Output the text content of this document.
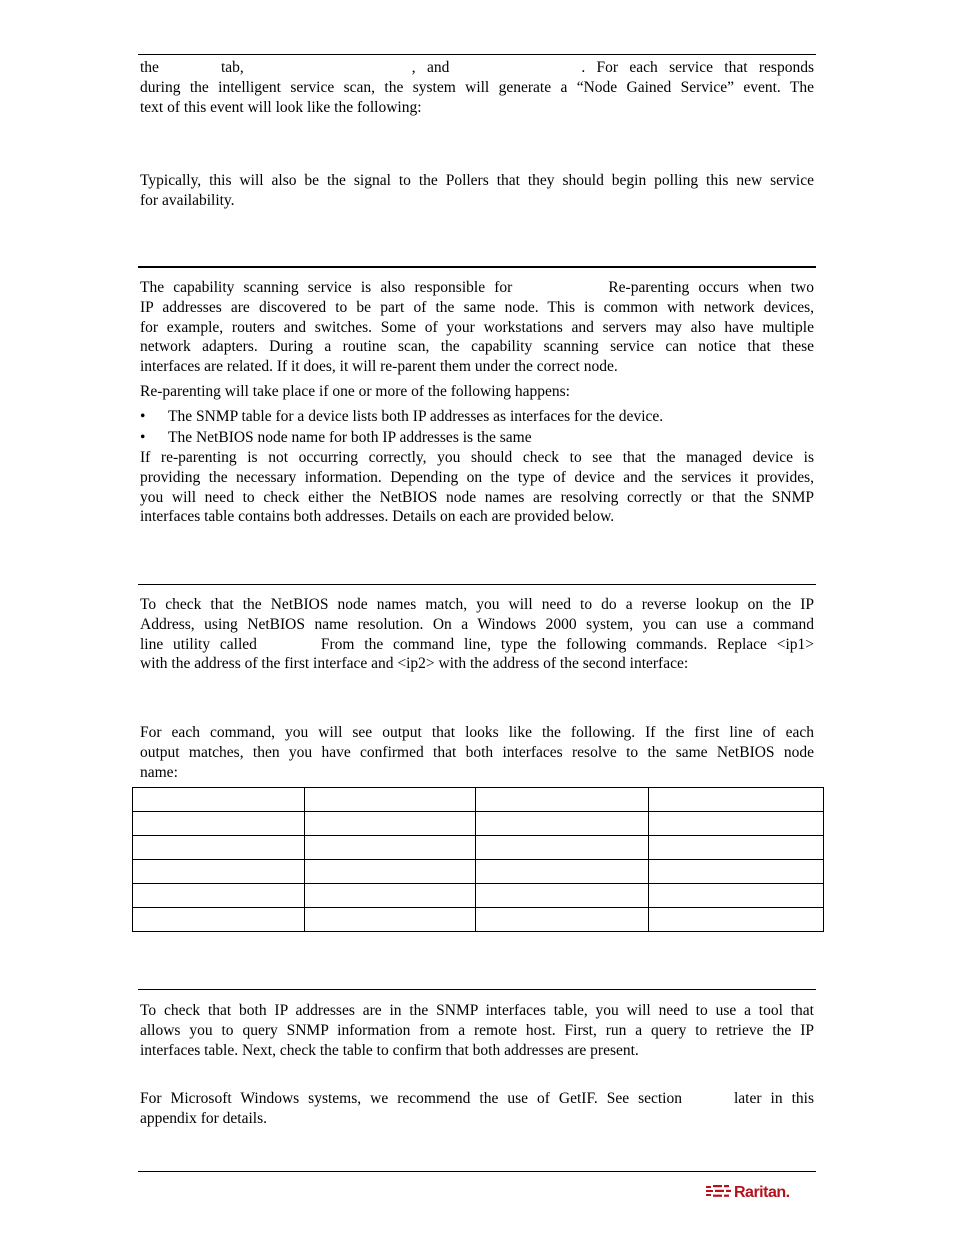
the	tab,	, and	. For each service that responds
during the intelligent service scan, the system will generate a “Node Gained Service” event. The
text of this event will look like the following:
Typically, this will also be the signal to the Pollers that they should begin polling this new service
for availability.
The capability scanning service is also responsible for	Re-parenting occurs when two
IP addresses are discovered to be part of the same node. This is common with network devices,
for example, routers and switches. Some of your workstations and servers may also have multiple
network adapters. During a routine scan, the capability scanning service can notice that these
interfaces are related. If it does, it will re-parent them under the correct node.
Re-parenting will take place if one or more of the following happens:
• The SNMP table for a device lists both IP addresses as interfaces for the device.
• The NetBIOS node name for both IP addresses is the same
If re-parenting is not occurring correctly, you should check to see that the managed device is
providing the necessary information. Depending on the type of device and the services it provides,
you will need to check either the NetBIOS node names are resolving correctly or that the SNMP
interfaces table contains both addresses. Details on each are provided below.
To check that the NetBIOS node names match, you will need to do a reverse lookup on the IP
Address, using NetBIOS name resolution. On a Windows 2000 system, you can use a command
line utility called	From the command line, type the following commands. Replace <ip1>
with the address of the first interface and <ip2> with the address of the second interface:
For each command, you will see output that looks like the following. If the first line of each
output matches, then you have confirmed that both interfaces resolve to the same NetBIOS node
name:

To check that both IP addresses are in the SNMP interfaces table, you will need to use a tool that
allows you to query SNMP information from a remote host. First, run a query to retrieve the IP
interfaces table. Next, check the table to confirm that both addresses are present.
For Microsoft Windows systems, we recommend the use of GetIF. See section	later in this
appendix for details.
Raritan.
